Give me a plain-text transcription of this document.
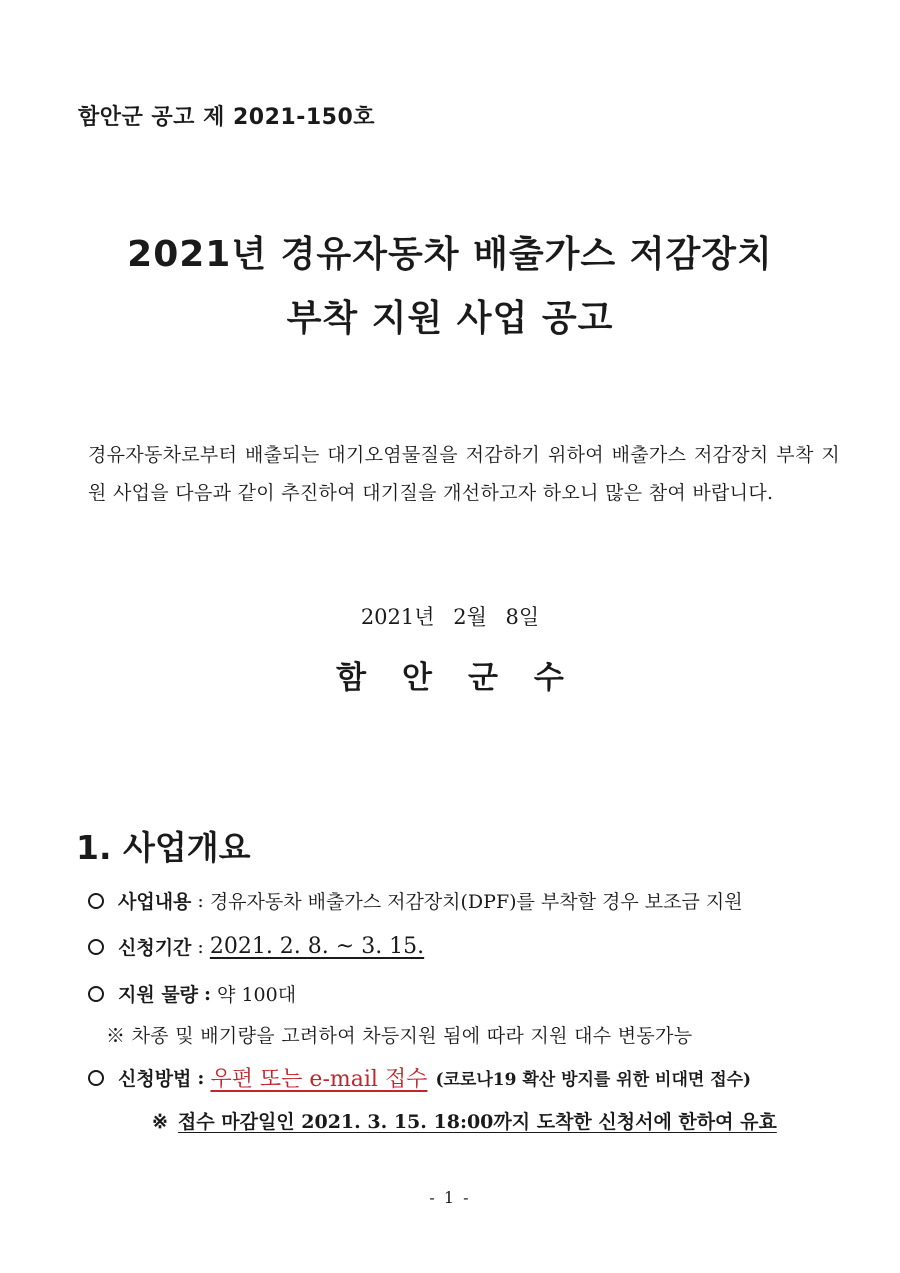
함안군 공고 제 2021-150호
2021년 경유자동차 배출가스 저감장치
부착 지원 사업 공고
경유자동차로부터 배출되는 대기오염물질을 저감하기 위하여 배출가스 저감장치 부착 지원 사업을 다음과 같이 추진하여 대기질을 개선하고자 하오니 많은 참여 바랍니다.
2021년 2월 8일
함안군수
1. 사업개요
사업내용 : 경유자동차 배출가스 저감장치(DPF)를 부착할 경우 보조금 지원
신청기간 : 2021. 2. 8. ~ 3. 15.
지원 물량 : 약 100대
※ 차종 및 배기량을 고려하여 차등지원 됨에 따라 지원 대수 변동가능
신청방법 : 우편 또는 e-mail 접수 (코로나19 확산 방지를 위한 비대면 접수)
※ 접수 마감일인 2021. 3. 15. 18:00까지 도착한 신청서에 한하여 유효
- 1 -
